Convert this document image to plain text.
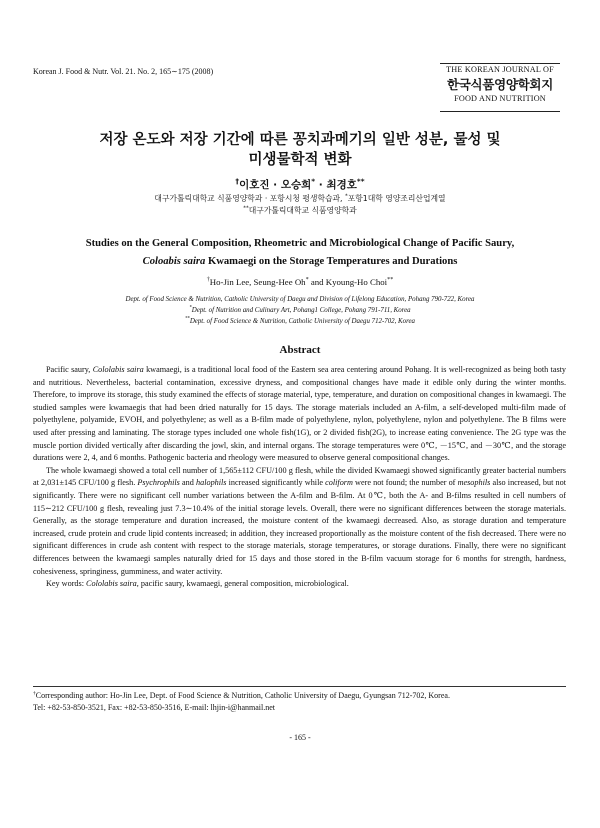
Korean J. Food & Nutr. Vol. 21. No. 2, 165∼175 (2008)	THE KOREAN JOURNAL OF
한국식품영양학회지
FOOD AND NUTRITION
저장 온도와 저장 기간에 따른 꽁치과메기의 일반 성분, 물성 및
미생물학적 변화
†이호진 · 오승희* · 최경호**
대구가톨릭대학교 식품영양학과 · 포항시청 평생학습과, *포항1대학 영양조리산업계열
**대구가톨릭대학교 식품영양학과
Studies on the General Composition, Rheometric and Microbiological Change of Pacific Saury,
Coloabis saira Kwamaegi on the Storage Temperatures and Durations
†Ho-Jin Lee, Seung-Hee Oh* and Kyoung-Ho Choi**
Dept. of Food Science & Nutrition, Catholic University of Daegu and Division of Lifelong Education, Pohang 790-722, Korea
*Dept. of Nutrition and Culinary Art, Pohang1 College, Pohang 791-711, Korea
**Dept. of Food Science & Nutrition, Catholic University of Daegu 712-702, Korea
Abstract

Pacific saury, Cololabis saira kwamaegi, is a traditional local food of the Eastern sea area centering around Pohang. It is well-recognized as being both tasty and nutritious. Nevertheless, bacterial contamination, excessive dryness, and compositional changes have made it edible only during the winter months. Therefore, to improve its storage, this study examined the effects of storage material, type, temperature, and duration on compositional changes in kwamaegi. The studied samples were kwamaegis that had been dried naturally for 15 days. The storage materials included an A-film, a self-developed multi-film made of polyethylene, polyamide, EVOH, and polyethylene; as well as a B-film made of polyethylene, nylon, polyethylene, nylon and polyethylene. The B films were used after pressing and laminating. The storage types included one whole fish(1G), or 2 divided fish(2G), to increase eating convenience. The 2G type was the muscle portion divided vertically after discarding the jowl, skin, and internal organs. The storage temperatures were 0℃, －15℃, and －30℃, and the storage durations were 2, 4, and 6 months. Pathogenic bacteria and rheology were measured to observe general compositional changes.

The whole kwamaegi showed a total cell number of 1,565±112 CFU/100 g flesh, while the divided Kwamaegi showed significantly greater bacterial numbers at 2,031±145 CFU/100 g flesh. Psychrophils and halophils increased significantly while coliform were not found; the number of mesophils also increased, but not significantly. There were no significant cell number variations between the A-film and B-film. At 0℃, both the A- and B-films resulted in cell numbers of 115∼212 CFU/100 g flesh, revealing just 7.3∼10.4% of the initial storage levels. Overall, there were no significant differences between the storage materials. Generally, as the storage temperature and duration increased, the moisture content of the kwamaegi decreased. Also, as storage duration and temperature increased, crude protein and crude lipid contents increased; in addition, they increased proportionally as the moisture content of the fish decreased. There were no significant differences in crude ash content with respect to the storage materials, storage temperatures, or storage durations. Finally, there were no significant differences between the kwamaegi samples naturally dried for 15 days and those stored in the B-film vacuum storage for 6 months for strength, hardness, cohesiveness, springiness, gumminess, and water activity.

Key words: Cololabis saira, pacific saury, kwamaegi, general composition, microbiological.

†Corresponding author: Ho-Jin Lee, Dept. of Food Science & Nutrition, Catholic University of Daegu, Gyungsan 712-702, Korea.
Tel: +82-53-850-3521, Fax: +82-53-850-3516, E-mail: lhjin-i@hanmail.net
- 165 -
